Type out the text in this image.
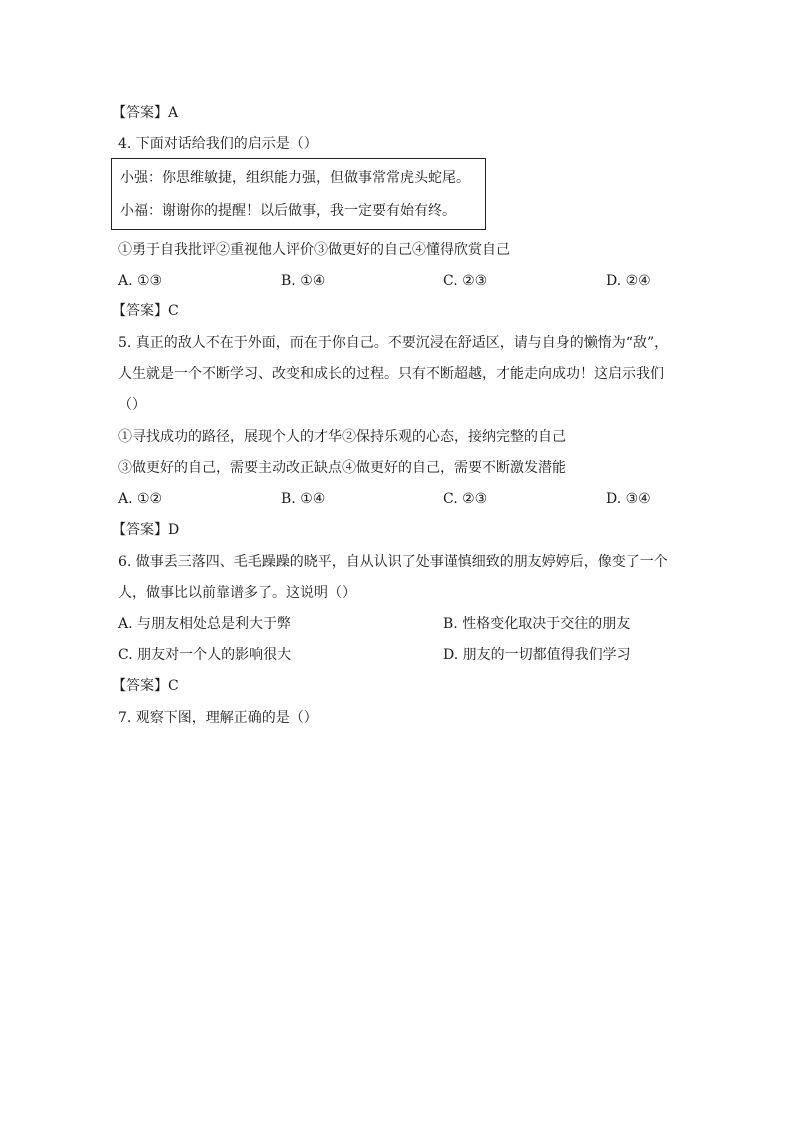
【答案】A
4. 下面对话给我们的启示是（）
小强：你思维敏捷，组织能力强，但做事常常虎头蛇尾。
小福：谢谢你的提醒！以后做事，我一定要有始有终。
①勇于自我批评②重视他人评价③做更好的自己④懂得欣赏自己
A. ①③	B. ①④	C. ②③	D. ②④
【答案】C
5. 真正的敌人不在于外面，而在于你自己。不要沉浸在舒适区，请与自身的懒惰为“敌”，
人生就是一个不断学习、改变和成长的过程。只有不断超越，才能走向成功！这启示我们
（）
①寻找成功的路径，展现个人的才华②保持乐观的心态，接纳完整的自己
③做更好的自己，需要主动改正缺点④做更好的自己，需要不断激发潜能
A. ①②	B. ①④	C. ②③	D. ③④
【答案】D
6. 做事丢三落四、毛毛躁躁的晓平，自从认识了处事谨慎细致的朋友婷婷后，像变了一个
人，做事比以前靠谱多了。这说明（）
A. 与朋友相处总是利大于弊	B. 性格变化取决于交往的朋友
C. 朋友对一个人的影响很大	D. 朋友的一切都值得我们学习
【答案】C
7. 观察下图，理解正确的是（）
